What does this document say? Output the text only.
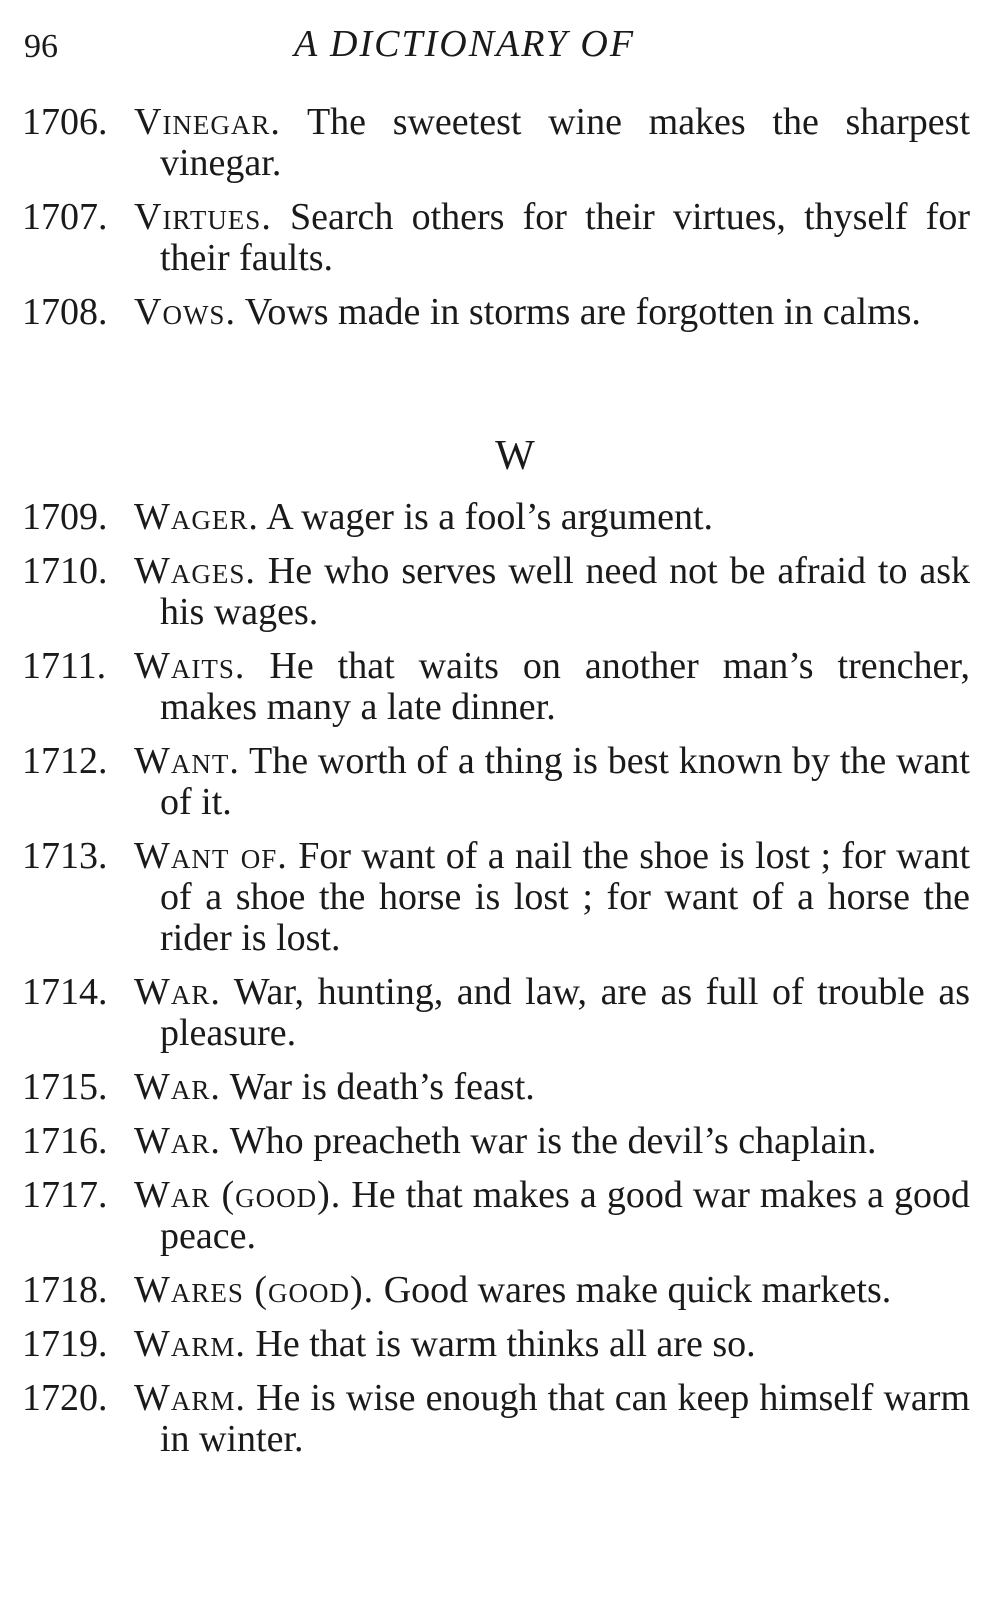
96	A DICTIONARY OF
1706. Vinegar. The sweetest wine makes the sharpest vinegar.
1707. Virtues. Search others for their virtues, thyself for their faults.
1708. Vows. Vows made in storms are forgotten in calms.
W
1709. Wager. A wager is a fool’s argument.
1710. Wages. He who serves well need not be afraid to ask his wages.
1711. Waits. He that waits on another man’s trencher, makes many a late dinner.
1712. Want. The worth of a thing is best known by the want of it.
1713. Want of. For want of a nail the shoe is lost ; for want of a shoe the horse is lost ; for want of a horse the rider is lost.
1714. War. War, hunting, and law, are as full of trouble as pleasure.
1715. War. War is death’s feast.
1716. War. Who preacheth war is the devil’s chaplain.
1717. War (good). He that makes a good war makes a good peace.
1718. Wares (good). Good wares make quick markets.
1719. Warm. He that is warm thinks all are so.
1720. Warm. He is wise enough that can keep himself warm in winter.
